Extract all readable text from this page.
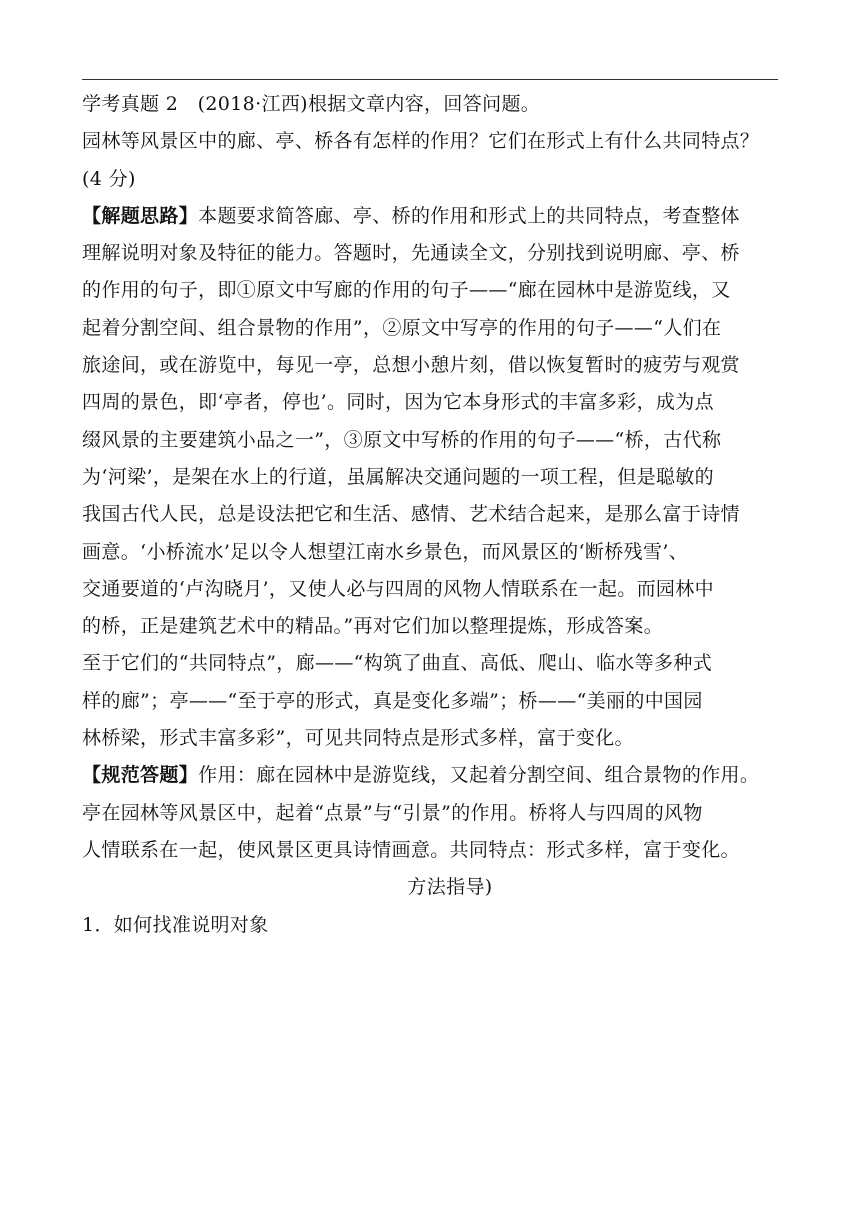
学考真题 2　(2018·江西)根据文章内容，回答问题。
园林等风景区中的廊、亭、桥各有怎样的作用？它们在形式上有什么共同特点？
(4 分)

【解题思路】本题要求简答廊、亭、桥的作用和形式上的共同特点，考查整体
理解说明对象及特征的能力。答题时，先通读全文，分别找到说明廊、亭、桥
的作用的句子，即①原文中写廊的作用的句子——“廊在园林中是游览线，又
起着分割空间、组合景物的作用”，②原文中写亭的作用的句子——“人们在
旅途间，或在游览中，每见一亭，总想小憩片刻，借以恢复暂时的疲劳与观赏
四周的景色，即‘亭者，停也’。同时，因为它本身形式的丰富多彩，成为点
缀风景的主要建筑小品之一”，③原文中写桥的作用的句子——“桥，古代称
为‘河梁’，是架在水上的行道，虽属解决交通问题的一项工程，但是聪敏的
我国古代人民，总是设法把它和生活、感情、艺术结合起来，是那么富于诗情
画意。‘小桥流水’足以令人想望江南水乡景色，而风景区的‘断桥残雪’、
交通要道的‘卢沟晓月’，又使人必与四周的风物人情联系在一起。而园林中
的桥，正是建筑艺术中的精品。”再对它们加以整理提炼，形成答案。

至于它们的“共同特点”，廊——“构筑了曲直、高低、爬山、临水等多种式
样的廊”；亭——“至于亭的形式，真是变化多端”；桥——“美丽的中国园
林桥梁，形式丰富多彩”，可见共同特点是形式多样，富于变化。

【规范答题】作用：廊在园林中是游览线，又起着分割空间、组合景物的作用。
亭在园林等风景区中，起着“点景”与“引景”的作用。桥将人与四周的风物
人情联系在一起，使风景区更具诗情画意。共同特点：形式多样，富于变化。

方法指导)

1．如何找准说明对象
